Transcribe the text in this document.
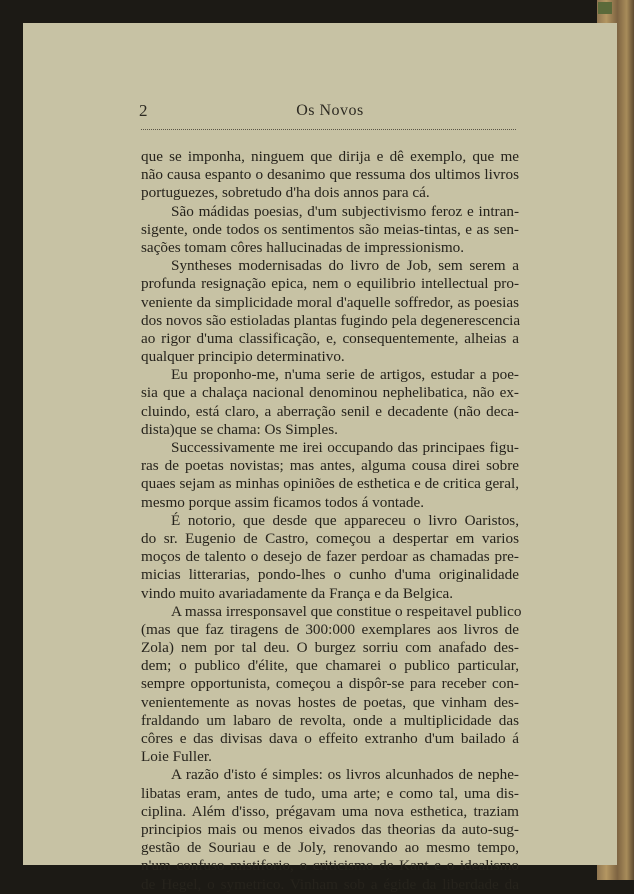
2	Os Novos
que se imponha, ninguem que dirija e dê exemplo, que me
não causa espanto o desanimo que ressuma dos ultimos livros
portuguezes, sobretudo d'ha dois annos para cá.
São mádidas poesias, d'um subjectivismo feroz e intran-
sigente, onde todos os sentimentos são meias-tintas, e as sen-
sações tomam côres hallucinadas de impressionismo.
Syntheses modernisadas do livro de Job, sem serem a
profunda resignação epica, nem o equilibrio intellectual pro-
veniente da simplicidade moral d'aquelle soffredor, as poesias
dos novos são estioladas plantas fugindo pela degenerescencia
ao rigor d'uma classificação, e, consequentemente, alheias a
qualquer principio determinativo.
Eu proponho-me, n'uma serie de artigos, estudar a poe-
sia que a chalaça nacional denominou nephelibatica, não ex-
cluindo, está claro, a aberração senil e decadente (não deca-
dista)que se chama: Os Simples.
Successivamente me irei occupando das principaes figu-
ras de poetas novistas; mas antes, alguma cousa direi sobre
quaes sejam as minhas opiniões de esthetica e de critica geral,
mesmo porque assim ficamos todos á vontade.
É notorio, que desde que appareceu o livro Oaristos,
do sr. Eugenio de Castro, começou a despertar em varios
moços de talento o desejo de fazer perdoar as chamadas pre-
micias litterarias, pondo-lhes o cunho d'uma originalidade
vindo muito avariadamente da França e da Belgica.
A massa irresponsavel que constitue o respeitavel publico
(mas que faz tiragens de 300:000 exemplares aos livros de
Zola) nem por tal deu. O burgez sorriu com anafado des-
dem; o publico d'élite, que chamarei o publico particular,
sempre opportunista, começou a dispôr-se para receber con-
venientemente as novas hostes de poetas, que vinham des-
fraldando um labaro de revolta, onde a multiplicidade das
côres e das divisas dava o effeito extranho d'um bailado á
Loie Fuller.
A razão d'isto é simples: os livros alcunhados de nephe-
libatas eram, antes de tudo, uma arte; e como tal, uma dis-
ciplina. Além d'isso, prégavam uma nova esthetica, traziam
principios mais ou menos eivados das theorias da auto-sug-
gestão de Souriau e de Joly, renovando ao mesmo tempo,
n'um confuso mistiforio, o criticismo de Kant e o idealismo
de Hegel, o symetrico. Vinham sob a égide da liberdade da
